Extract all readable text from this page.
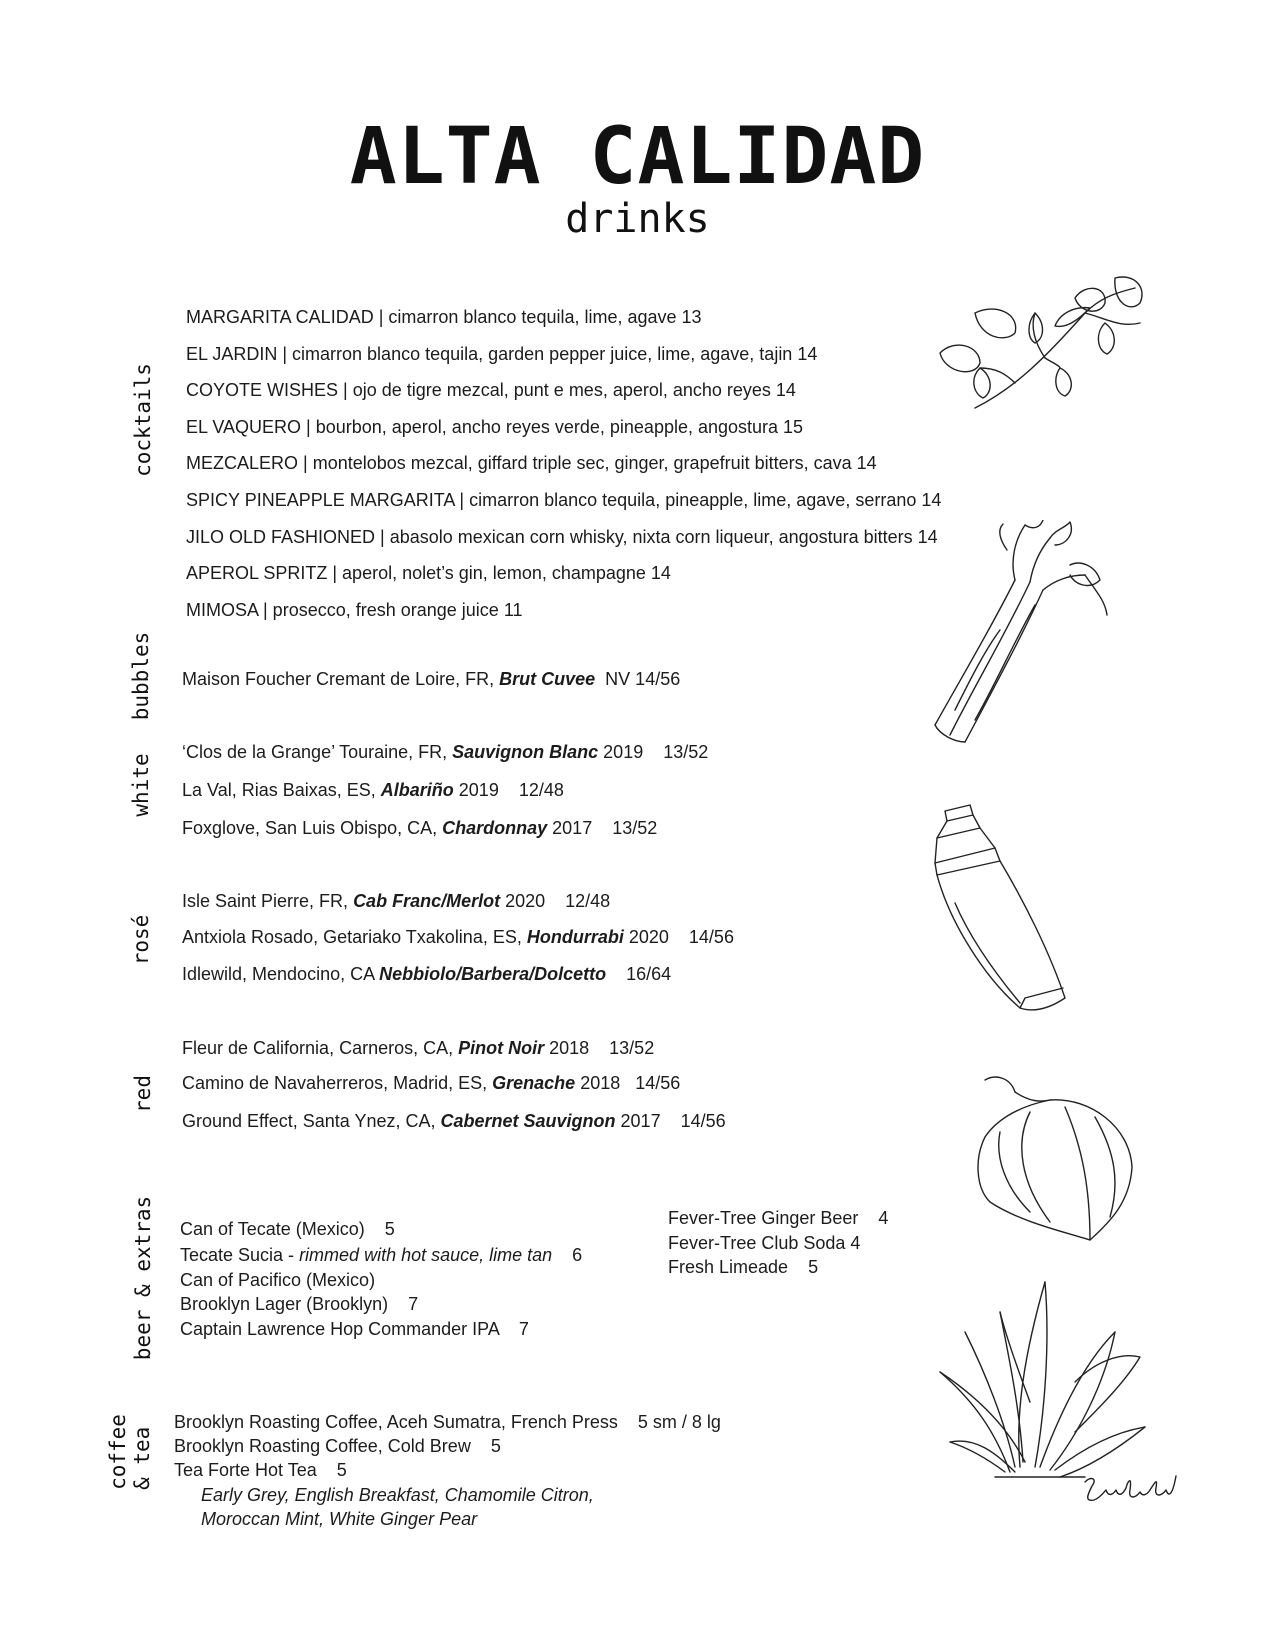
ALTA CALIDAD
drinks
cocktails
bubbles
white
rosé
red
beer & extras
coffee & tea
MARGARITA CALIDAD | cimarron blanco tequila, lime, agave 13
EL JARDIN | cimarron blanco tequila, garden pepper juice, lime, agave, tajin 14
COYOTE WISHES | ojo de tigre mezcal, punt e mes, aperol, ancho reyes 14
EL VAQUERO | bourbon, aperol, ancho reyes verde, pineapple, angostura 15
MEZCALERO | montelobos mezcal, giffard triple sec, ginger, grapefruit bitters, cava 14
SPICY PINEAPPLE MARGARITA | cimarron blanco tequila, pineapple, lime, agave, serrano 14
JILO OLD FASHIONED | abasolo mexican corn whisky, nixta corn liqueur, angostura bitters 14
APEROL SPRITZ | aperol, nolet’s gin, lemon, champagne 14
MIMOSA | prosecco, fresh orange juice 11
Maison Foucher Cremant de Loire, FR, Brut Cuvee  NV 14/56
‘Clos de la Grange’ Touraine, FR, Sauvignon Blanc 2019    13/52
La Val, Rias Baixas, ES, Albariño 2019    12/48
Foxglove, San Luis Obispo, CA, Chardonnay 2017    13/52
Isle Saint Pierre, FR, Cab Franc/Merlot 2020    12/48
Antxiola Rosado, Getariako Txakolina, ES, Hondurrabi 2020    14/56
Idlewild, Mendocino, CA Nebbiolo/Barbera/Dolcetto    16/64
Fleur de California, Carneros, CA, Pinot Noir 2018    13/52
Camino de Navaherreros, Madrid, ES, Grenache 2018   14/56
Ground Effect, Santa Ynez, CA, Cabernet Sauvignon 2017    14/56
Can of Tecate (Mexico)    5
Tecate Sucia - rimmed with hot sauce, lime tan    6
Can of Pacifico (Mexico)
Brooklyn Lager (Brooklyn)    7
Captain Lawrence Hop Commander IPA    7
Fever-Tree Ginger Beer    4
Fever-Tree Club Soda 4
Fresh Limeade    5
Brooklyn Roasting Coffee, Aceh Sumatra, French Press    5 sm / 8 lg
Brooklyn Roasting Coffee, Cold Brew    5
Tea Forte Hot Tea    5
Early Grey, English Breakfast, Chamomile Citron,
Moroccan Mint, White Ginger Pear
